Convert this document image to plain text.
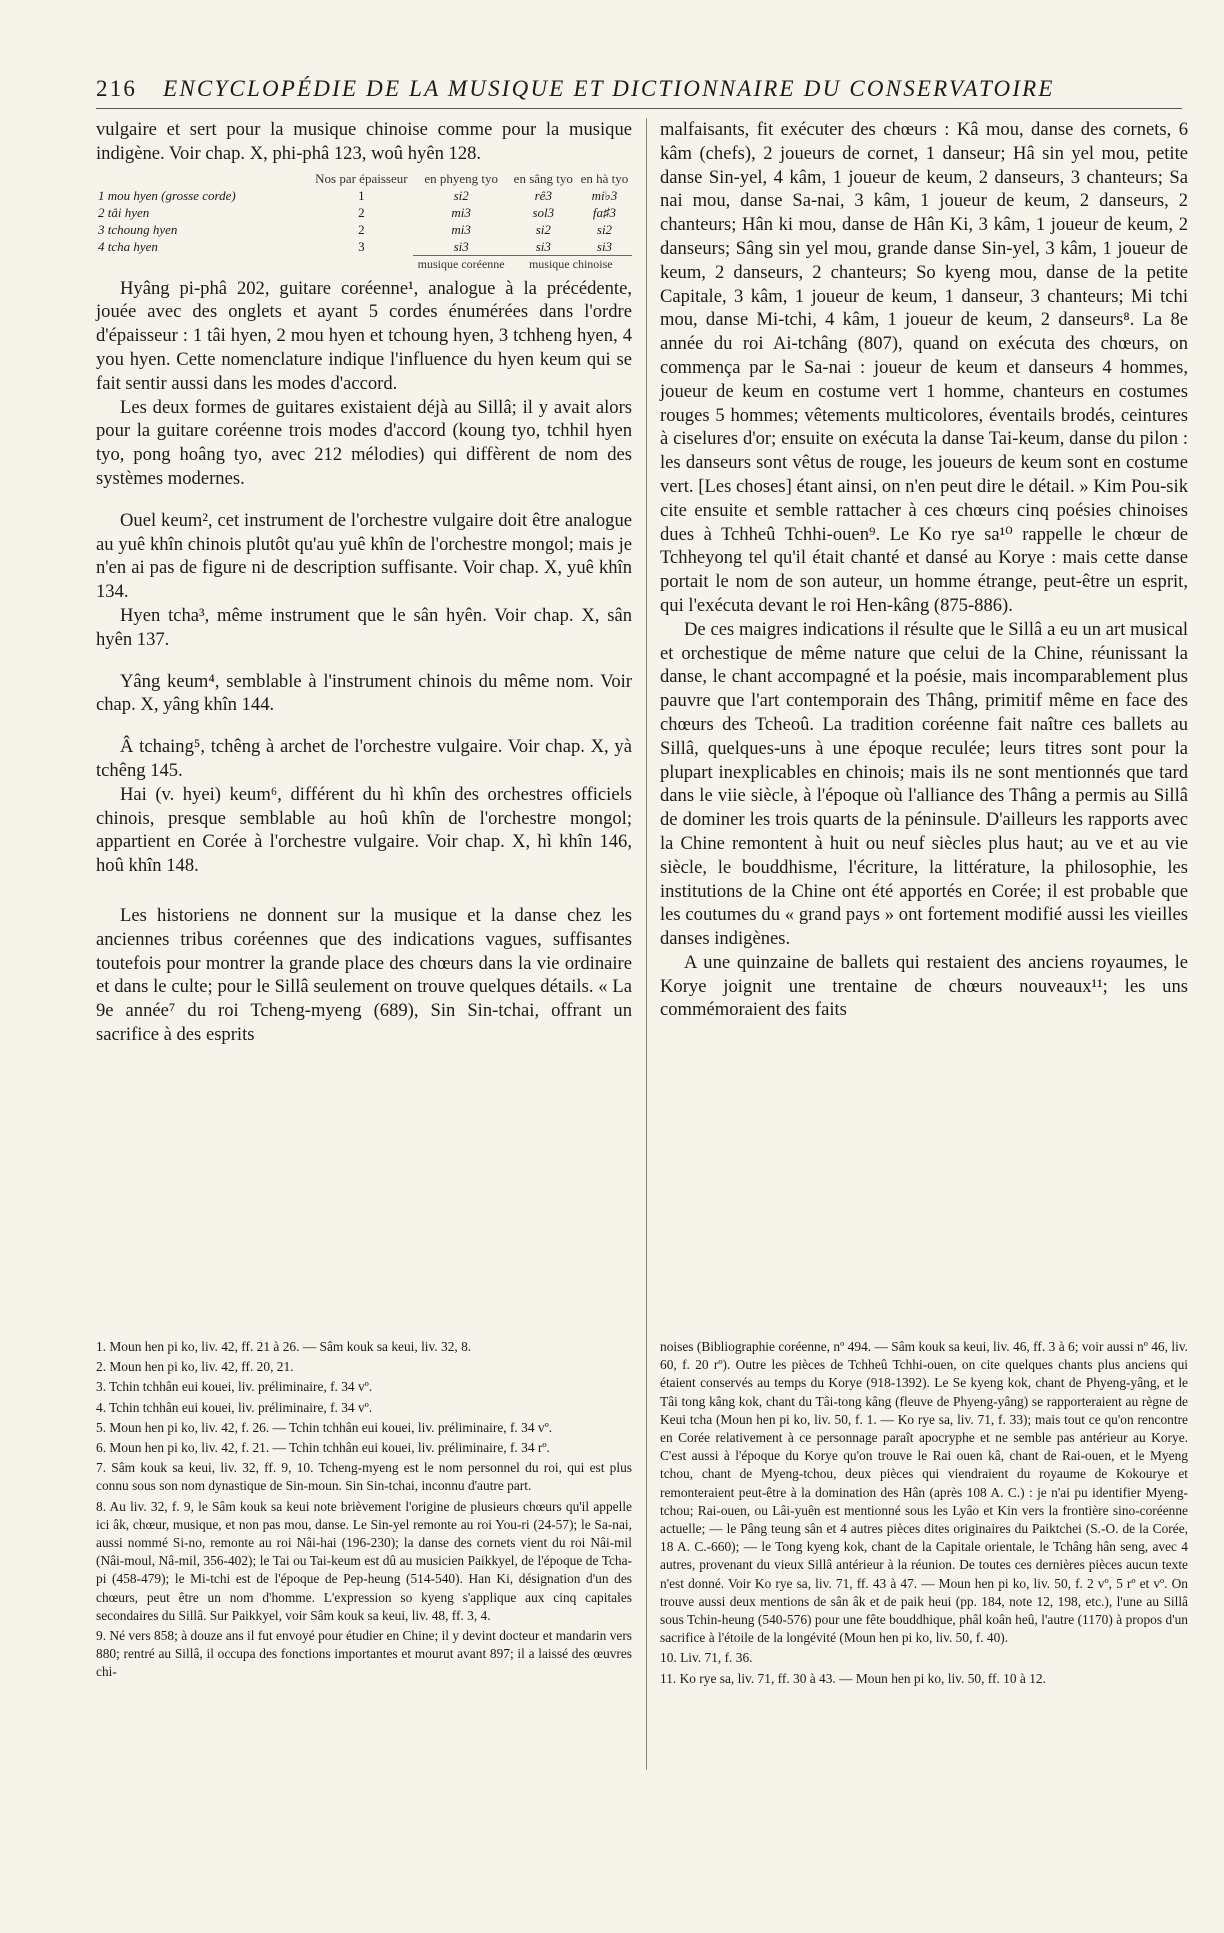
216 ENCYCLOPÉDIE DE LA MUSIQUE ET DICTIONNAIRE DU CONSERVATOIRE

vulgaire et sert pour la musique chinoise comme pour la musique indigène. Voir chap. X, phi-phâ 123, woû hyên 128.

	Nos par épaisseur	en phyeng tyo	en sâng tyo	en hà tyo
1 mou hyen (grosse corde)	1	si2	rê3	mi♭3
2 tâi hyen	2	mi3	sol3	fa♯3
3 tchoung hyen	2	mi3	si2	si2
4 tcha hyen	3	si3	si3	si3
		musique coréenne	musique chinoise	

Hyâng pi-phâ 202, guitare coréenne¹, analogue à la précédente, jouée avec des onglets et ayant 5 cordes énumérées dans l'ordre d'épaisseur : 1 tâi hyen, 2 mou hyen et tchoung hyen, 3 tchheng hyen, 4 you hyen. Cette nomenclature indique l'influence du hyen keum qui se fait sentir aussi dans les modes d'accord.

Les deux formes de guitares existaient déjà au Sillâ; il y avait alors pour la guitare coréenne trois modes d'accord (koung tyo, tchhil hyen tyo, pong hoâng tyo, avec 212 mélodies) qui diffèrent de nom des systèmes modernes.

Ouel keum², cet instrument de l'orchestre vulgaire doit être analogue au yuê khîn chinois plutôt qu'au yuê khîn de l'orchestre mongol; mais je n'en ai pas de figure ni de description suffisante. Voir chap. X, yuê khîn 134.

Hyen tcha³, même instrument que le sân hyên. Voir chap. X, sân hyên 137.

Yâng keum⁴, semblable à l'instrument chinois du même nom. Voir chap. X, yâng khîn 144.

Â tchaing⁵, tchêng à archet de l'orchestre vulgaire. Voir chap. X, yà tchêng 145.

Hai (v. hyei) keum⁶, différent du hì khîn des orchestres officiels chinois, presque semblable au hoû khîn de l'orchestre mongol; appartient en Corée à l'orchestre vulgaire. Voir chap. X, hì khîn 146, hoû khîn 148.

Les historiens ne donnent sur la musique et la danse chez les anciennes tribus coréennes que des indications vagues, suffisantes toutefois pour montrer la grande place des chœurs dans la vie ordinaire et dans le culte; pour le Sillâ seulement on trouve quelques détails. « La 9e année⁷ du roi Tcheng-myeng (689), Sin Sin-tchai, offrant un sacrifice à des esprits

malfaisants, fit exécuter des chœurs : Kâ mou, danse des cornets, 6 kâm (chefs), 2 joueurs de cornet, 1 danseur; Hâ sin yel mou, petite danse Sin-yel, 4 kâm, 1 joueur de keum, 2 danseurs, 3 chanteurs; Sa nai mou, danse Sa-nai, 3 kâm, 1 joueur de keum, 2 danseurs, 2 chanteurs; Hân ki mou, danse de Hân Ki, 3 kâm, 1 joueur de keum, 2 danseurs; Sâng sin yel mou, grande danse Sin-yel, 3 kâm, 1 joueur de keum, 2 danseurs, 2 chanteurs; So kyeng mou, danse de la petite Capitale, 3 kâm, 1 joueur de keum, 1 danseur, 3 chanteurs; Mi tchi mou, danse Mi-tchi, 4 kâm, 1 joueur de keum, 2 danseurs⁸. La 8e année du roi Ai-tchâng (807), quand on exécuta des chœurs, on commença par le Sa-nai : joueur de keum et danseurs 4 hommes, joueur de keum en costume vert 1 homme, chanteurs en costumes rouges 5 hommes; vêtements multicolores, éventails brodés, ceintures à ciselures d'or; ensuite on exécuta la danse Tai-keum, danse du pilon : les danseurs sont vêtus de rouge, les joueurs de keum sont en costume vert. [Les choses] étant ainsi, on n'en peut dire le détail. » Kim Pou-sik cite ensuite et semble rattacher à ces chœurs cinq poésies chinoises dues à Tchheû Tchhi-ouen⁹. Le Ko rye sa¹⁰ rappelle le chœur de Tchheyong tel qu'il était chanté et dansé au Korye : mais cette danse portait le nom de son auteur, un homme étrange, peut-être un esprit, qui l'exécuta devant le roi Hen-kâng (875-886).

De ces maigres indications il résulte que le Sillâ a eu un art musical et orchestique de même nature que celui de la Chine, réunissant la danse, le chant accompagné et la poésie, mais incomparablement plus pauvre que l'art contemporain des Thâng, primitif même en face des chœurs des Tcheoû. La tradition coréenne fait naître ces ballets au Sillâ, quelques-uns à une époque reculée; leurs titres sont pour la plupart inexplicables en chinois; mais ils ne sont mentionnés que tard dans le viie siècle, à l'époque où l'alliance des Thâng a permis au Sillâ de dominer les trois quarts de la péninsule. D'ailleurs les rapports avec la Chine remontent à huit ou neuf siècles plus haut; au ve et au vie siècle, le bouddhisme, l'écriture, la littérature, la philosophie, les institutions de la Chine ont été apportés en Corée; il est probable que les coutumes du « grand pays » ont fortement modifié aussi les vieilles danses indigènes.

A une quinzaine de ballets qui restaient des anciens royaumes, le Korye joignit une trentaine de chœurs nouveaux¹¹; les uns commémoraient des faits

1. Moun hen pi ko, liv. 42, ff. 21 à 26. — Sâm kouk sa keui, liv. 32, 8.

2. Moun hen pi ko, liv. 42, ff. 20, 21.

3. Tchin tchhân eui kouei, liv. préliminaire, f. 34 vº.

4. Tchin tchhân eui kouei, liv. préliminaire, f. 34 vº.

5. Moun hen pi ko, liv. 42, f. 26. — Tchin tchhân eui kouei, liv. préliminaire, f. 34 vº.

6. Moun hen pi ko, liv. 42, f. 21. — Tchin tchhân eui kouei, liv. préliminaire, f. 34 rº.

7. Sâm kouk sa keui, liv. 32, ff. 9, 10. Tcheng-myeng est le nom personnel du roi, qui est plus connu sous son nom dynastique de Sin-moun. Sin Sin-tchai, inconnu d'autre part.

8. Au liv. 32, f. 9, le Sâm kouk sa keui note brièvement l'origine de plusieurs chœurs qu'il appelle ici âk, chœur, musique, et non pas mou, danse. Le Sin-yel remonte au roi You-ri (24-57); le Sa-nai, aussi nommé Si-no, remonte au roi Nâi-hai (196-230); la danse des cornets vient du roi Nâi-mil (Nâi-moul, Nâ-mil, 356-402); le Tai ou Tai-keum est dû au musicien Paikkyel, de l'époque de Tcha-pi (458-479); le Mi-tchi est de l'époque de Pep-heung (514-540). Han Ki, désignation d'un des chœurs, peut être un nom d'homme. L'expression so kyeng s'applique aux cinq capitales secondaires du Sillâ. Sur Paikkyel, voir Sâm kouk sa keui, liv. 48, ff. 3, 4.

9. Né vers 858; à douze ans il fut envoyé pour étudier en Chine; il y devint docteur et mandarin vers 880; rentré au Sillâ, il occupa des fonctions importantes et mourut avant 897; il a laissé des œuvres chi-

noises (Bibliographie coréenne, nº 494. — Sâm kouk sa keui, liv. 46, ff. 3 à 6; voir aussi nº 46, liv. 60, f. 20 rº). Outre les pièces de Tchheû Tchhi-ouen, on cite quelques chants plus anciens qui étaient conservés au temps du Korye (918-1392). Le Se kyeng kok, chant de Phyeng-yâng, et le Tâi tong kâng kok, chant du Tâi-tong kâng (fleuve de Phyeng-yâng) se rapporteraient au règne de Keui tcha (Moun hen pi ko, liv. 50, f. 1. — Ko rye sa, liv. 71, f. 33); mais tout ce qu'on rencontre en Corée relativement à ce personnage paraît apocryphe et ne semble pas antérieur au Korye. C'est aussi à l'époque du Korye qu'on trouve le Rai ouen kâ, chant de Rai-ouen, et le Myeng tchou, chant de Myeng-tchou, deux pièces qui viendraient du royaume de Kokourye et remonteraient peut-être à la domination des Hân (après 108 A. C.) : je n'ai pu identifier Myeng-tchou; Rai-ouen, ou Lâi-yuên est mentionné sous les Lyâo et Kin vers la frontière sino-coréenne actuelle; — le Pâng teung sân et 4 autres pièces dites originaires du Paiktchei (S.-O. de la Corée, 18 A. C.-660); — le Tong kyeng kok, chant de la Capitale orientale, le Tchâng hân seng, avec 4 autres, provenant du vieux Sillâ antérieur à la réunion. De toutes ces dernières pièces aucun texte n'est donné. Voir Ko rye sa, liv. 71, ff. 43 à 47. — Moun hen pi ko, liv. 50, f. 2 vº, 5 rº et vº. On trouve aussi deux mentions de sân âk et de paik heui (pp. 184, note 12, 198, etc.), l'une au Sillâ sous Tchin-heung (540-576) pour une fête bouddhique, phâl koân heû, l'autre (1170) à propos d'un sacrifice à l'étoile de la longévité (Moun hen pi ko, liv. 50, f. 40).

10. Liv. 71, f. 36.

11. Ko rye sa, liv. 71, ff. 30 à 43. — Moun hen pi ko, liv. 50, ff. 10 à 12.
